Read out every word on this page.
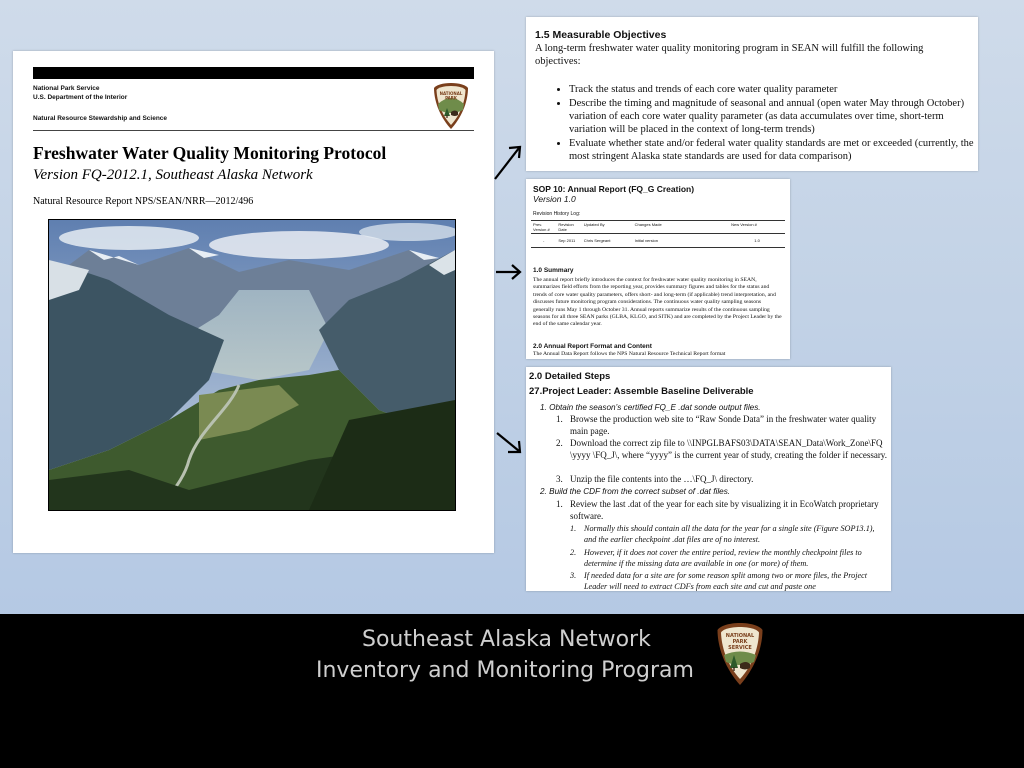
National Park Service
U.S. Department of the Interior
Natural Resource Stewardship and Science
NATIONAL
PARK
Freshwater Water Quality Monitoring Protocol
Version FQ-2012.1, Southeast Alaska Network
Natural Resource Report NPS/SEAN/NRR—2012/496
1.5 Measurable Objectives
A long-term freshwater water quality monitoring program in SEAN will fulfill the following objectives:
• Track the status and trends of each core water quality parameter
• Describe the timing and magnitude of seasonal and annual (open water May through October) variation of each core water quality parameter (as data accumulates over time, short-term variation will be placed in the context of long-term trends)
• Evaluate whether state and/or federal water quality standards are met or exceeded (currently, the most stringent Alaska state standards are used for data comparison)
SOP 10: Annual Report (FQ_G Creation)
Version 1.0
Revision History Log:
Prev. Version #	Revision Date	Updated By	Changes Made	New Version #
-	Sep 2011	Chris Sergeant	Initial version	1.0
1.0 Summary
The annual report briefly introduces the context for freshwater water quality monitoring in SEAN, summarizes field efforts from the reporting year, provides summary figures and tables for the status and trends of core water quality parameters, offers short- and long-term (if applicable) trend interpretation, and discusses future monitoring program considerations. The continuous water quality sampling seasons generally runs May 1 through October 31. Annual reports summarize results of the continuous sampling seasons for all three SEAN parks (GLBA, KLGO, and SITK) and are completed by the Project Leader by the end of the same calendar year.
2.0 Annual Report Format and Content
The Annual Data Report follows the NPS Natural Resource Technical Report format
2.0 Detailed Steps
27.Project Leader: Assemble Baseline Deliverable
1. Obtain the season’s certified FQ_E .dat sonde output files.
1. Browse the production web site to “Raw Sonde Data” in the freshwater water quality main page.
2. Download the correct zip file to \\INPGLBAFS03\DATA\SEAN_Data\Work_Zone\FQ\yyyy \FQ_J\, where “yyyy” is the current year of study, creating the folder if necessary.
3. Unzip the file contents into the …\FQ_J\ directory.
2. Build the CDF from the correct subset of .dat files.
1. Review the last .dat of the year for each site by visualizing it in EcoWatch proprietary software.
1. Normally this should contain all the data for the year for a single site (Figure SOP13.1), and the earlier checkpoint .dat files are of no interest.
2. However, if it does not cover the entire period, review the monthly checkpoint files to determine if the missing data are available in one (or more) of them.
3. If needed data for a site are for some reason split among two or more files, the Project Leader will need to extract CDFs from each site and cut and paste one
Southeast Alaska Network
Inventory and Monitoring Program
NATIONAL
PARK
SERVICE
